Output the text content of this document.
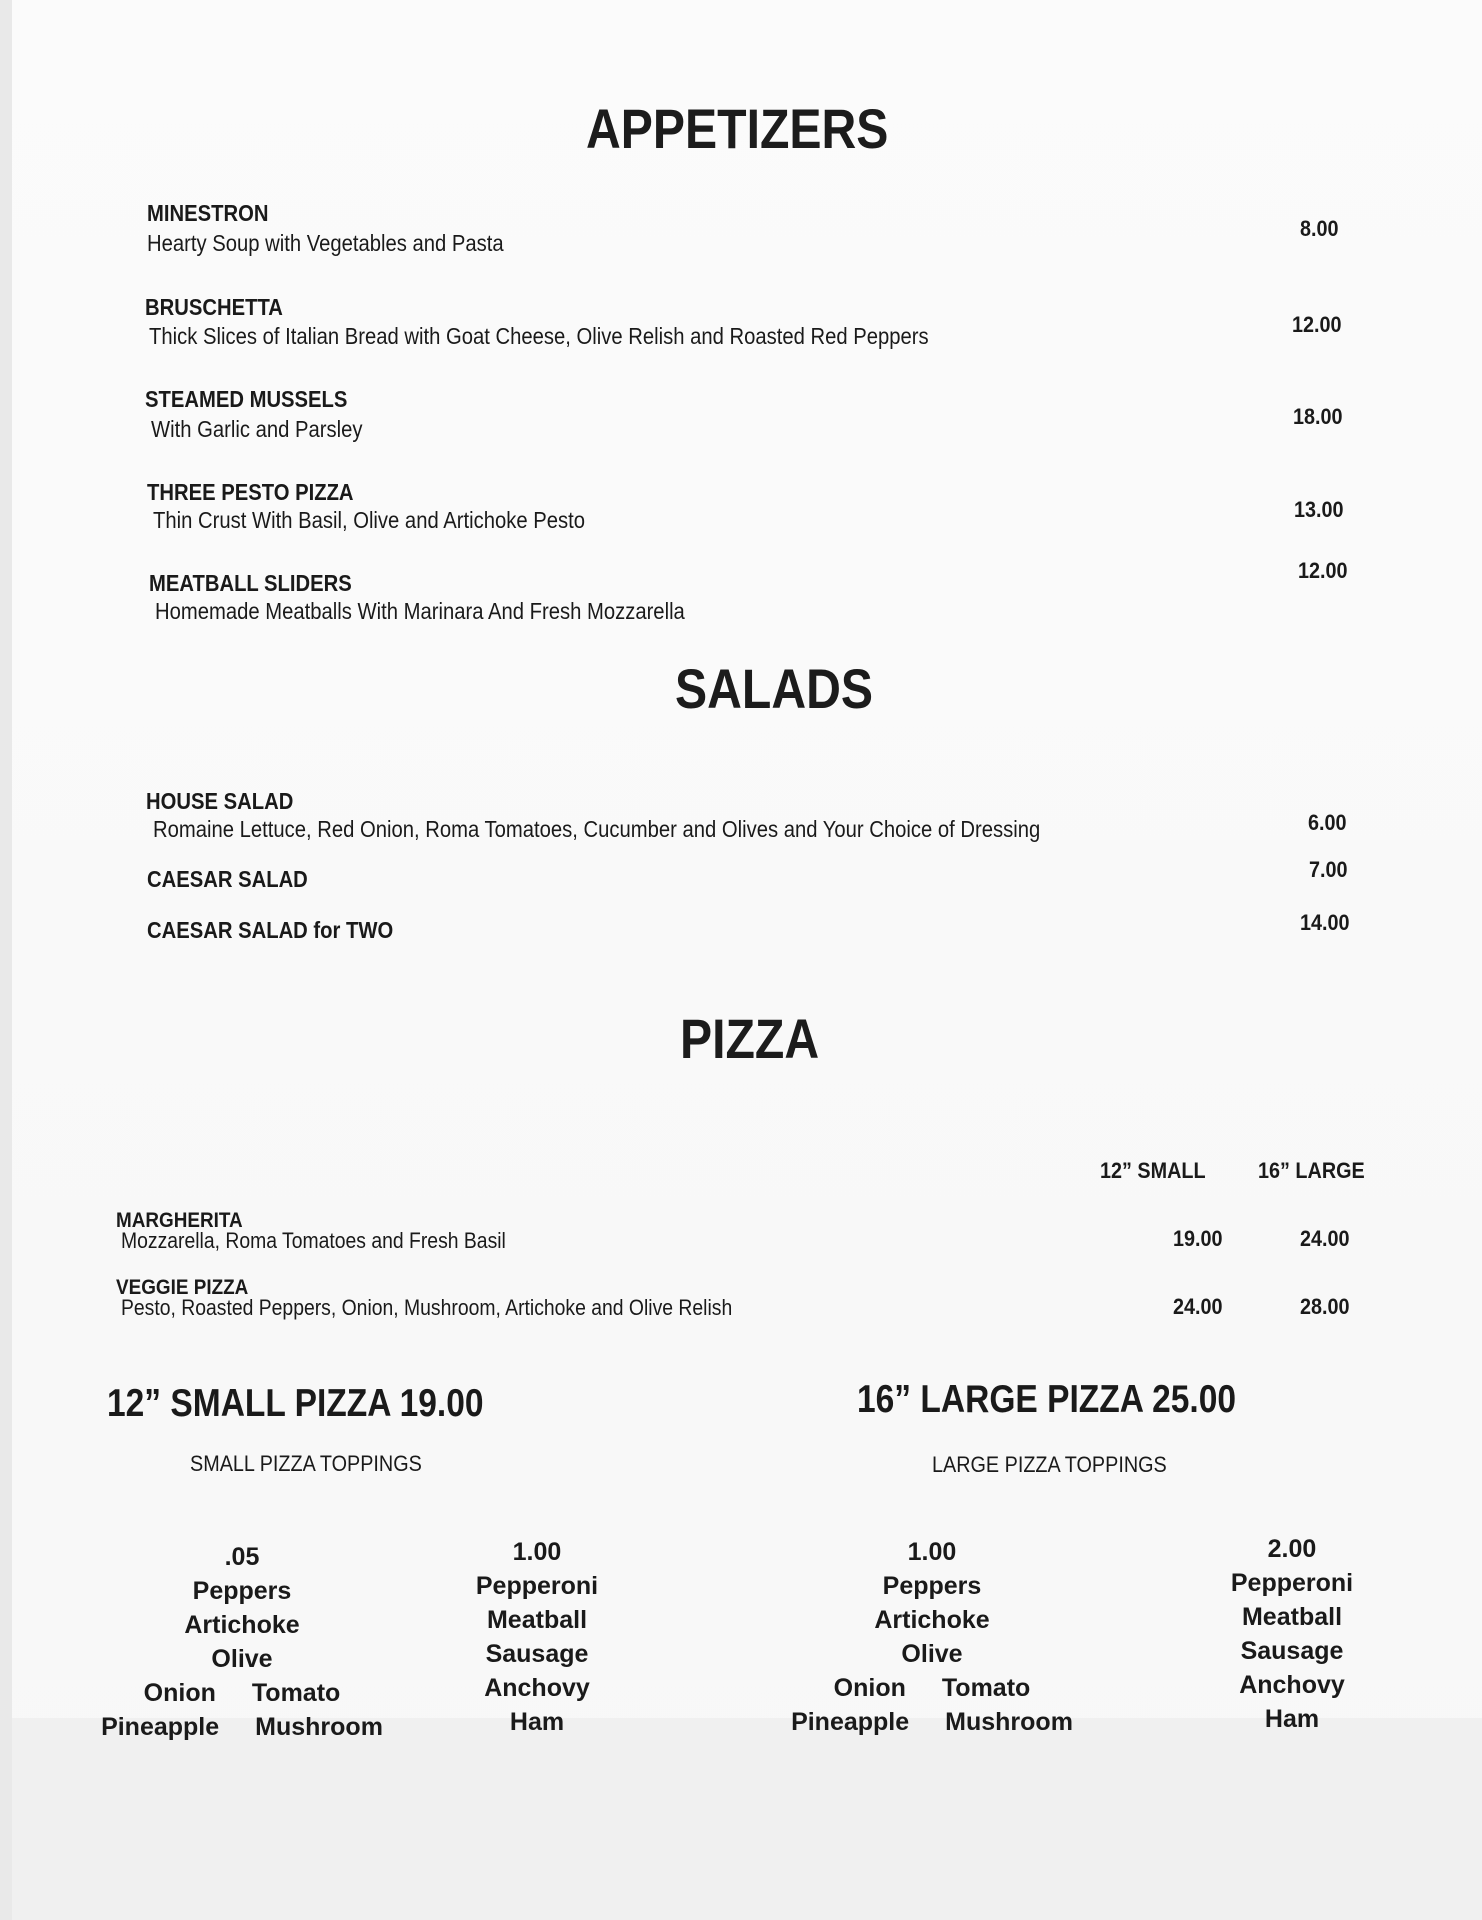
APPETIZERS
MINESTRON
Hearty Soup with Vegetables and Pasta
8.00
BRUSCHETTA
Thick Slices of Italian Bread with Goat Cheese, Olive Relish and Roasted Red Peppers	12.00
STEAMED MUSSELS
With Garlic and Parsley	18.00
THREE PESTO PIZZA
Thin Crust With Basil, Olive and Artichoke Pesto	13.00
MEATBALL SLIDERS
Homemade Meatballs With Marinara And Fresh Mozzarella
12.00
SALADS
HOUSE SALAD
Romaine Lettuce, Red Onion, Roma Tomatoes, Cucumber and Olives and Your Choice of Dressing	6.00
CAESAR SALAD	7.00
CAESAR SALAD for TWO	14.00
PIZZA
12” SMALL 16” LARGE
MARGHERITA
Mozzarella, Roma Tomatoes and Fresh Basil	19.00	24.00
VEGGIE PIZZA
Pesto, Roasted Peppers, Onion, Mushroom, Artichoke and Olive Relish	24.00	28.00
12” SMALL PIZZA 19.00
SMALL PIZZA TOPPINGS
.05
Peppers
Artichoke
Olive
Onion Tomato
Pineapple Mushroom
1.00
Pepperoni
Meatball
Sausage
Anchovy
Ham
16” LARGE PIZZA 25.00
LARGE PIZZA TOPPINGS
1.00
Peppers
Artichoke
Olive
Onion Tomato
Pineapple Mushroom
2.00
Pepperoni
Meatball
Sausage
Anchovy
Ham
